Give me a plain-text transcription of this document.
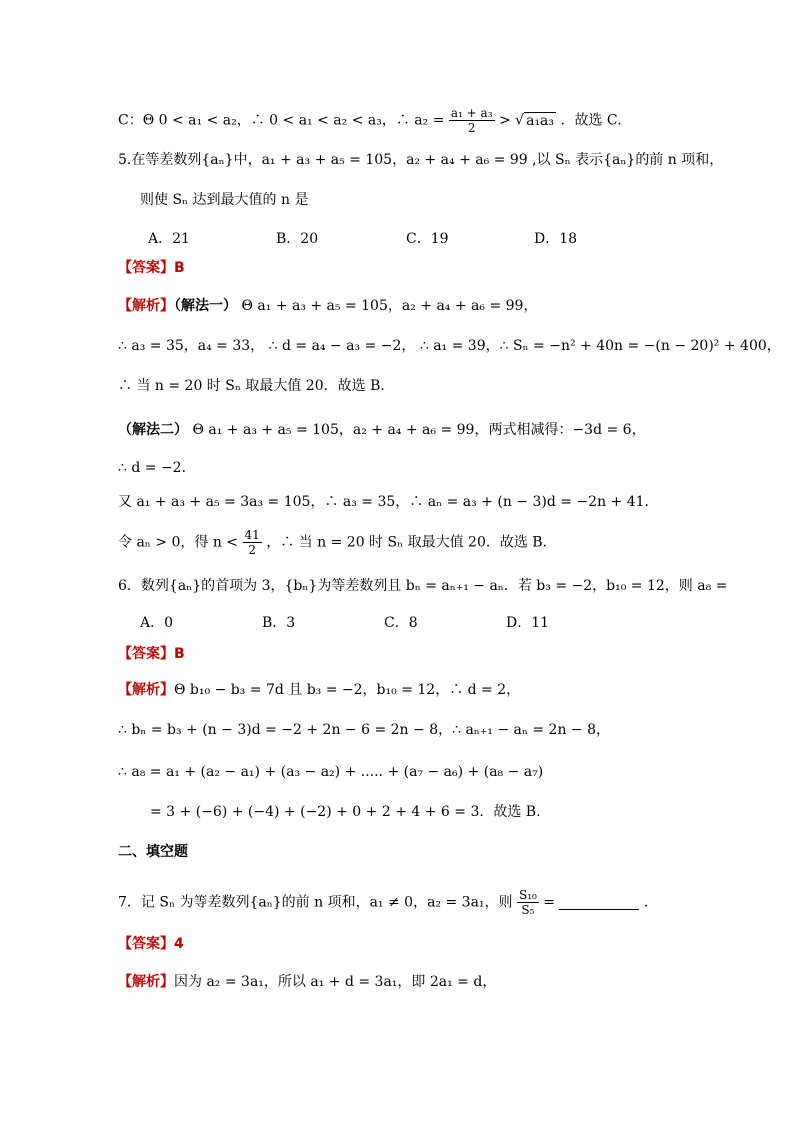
C：Θ 0 < a₁ < a₂，∴ 0 < a₁ < a₂ < a₃，∴ $a_2 = \frac{\text{a₁ + a₃}}{2}$ > √ a₁a₃ ．故选 C.
5.在等差数列{aₙ}中，a₁ + a₃ + a₅ = 105，a₂ + a₄ + a₆ = 99 ,以 Sₙ 表示{aₙ}的前 n 项和，
则使 Sₙ 达到最大值的 n 是
A．21	B．20	C．19	D．18
【答案】B
【解析】（解法一） Θ a₁ + a₃ + a₅ = 105，a₂ + a₄ + a₆ = 99，
∴ a₃ = 35，a₄ = 33， ∴ d = a₄ − a₃ = −2， ∴ a₁ = 39，∴ Sₙ = −n² + 40n = −(n − 20)² + 400，
∴ 当 n = 20 时 Sₙ 取最大值 20．故选 B.
（解法二） Θ a₁ + a₃ + a₅ = 105，a₂ + a₄ + a₆ = 99，两式相减得：−3d = 6，
∴ d = −2．
又 a₁ + a₃ + a₅ = 3a₃ = 105，∴ a₃ = 35，∴ aₙ = a₃ + (n − 3)d = −2n + 41．
令 aₙ > 0，得 $n < \frac{41}{2}$ ，∴ 当 n = 20 时 Sₙ 取最大值 20．故选 B.
6．数列{aₙ}的首项为 3，{bₙ}为等差数列且 bₙ = aₙ₊₁ − aₙ．若 b₃ = −2，b₁₀ = 12，则 a₈ =
A．0	B．3	C．8	D．11
【答案】B
【解析】Θ b₁₀ − b₃ = 7d 且 b₃ = −2，b₁₀ = 12，∴ d = 2，
∴ bₙ = b₃ + (n − 3)d = −2 + 2n − 6 = 2n − 8，∴ aₙ₊₁ − aₙ = 2n − 8，
∴ a₈ = a₁ + (a₂ − a₁) + (a₃ − a₂) + ..... + (a₇ − a₆) + (a₈ − a₇)
= 3 + (−6) + (−4) + (−2) + 0 + 2 + 4 + 6 = 3．故选 B.
二、填空题
7．记 Sₙ 为等差数列{aₙ}的前 n 项和，a₁ ≠ 0，a₂ = 3a₁，则 $\frac{\text{S₁₀}}{\text{S₅}}$ =	．
【答案】4
【解析】因为 a₂ = 3a₁，所以 a₁ + d = 3a₁，即 2a₁ = d，
